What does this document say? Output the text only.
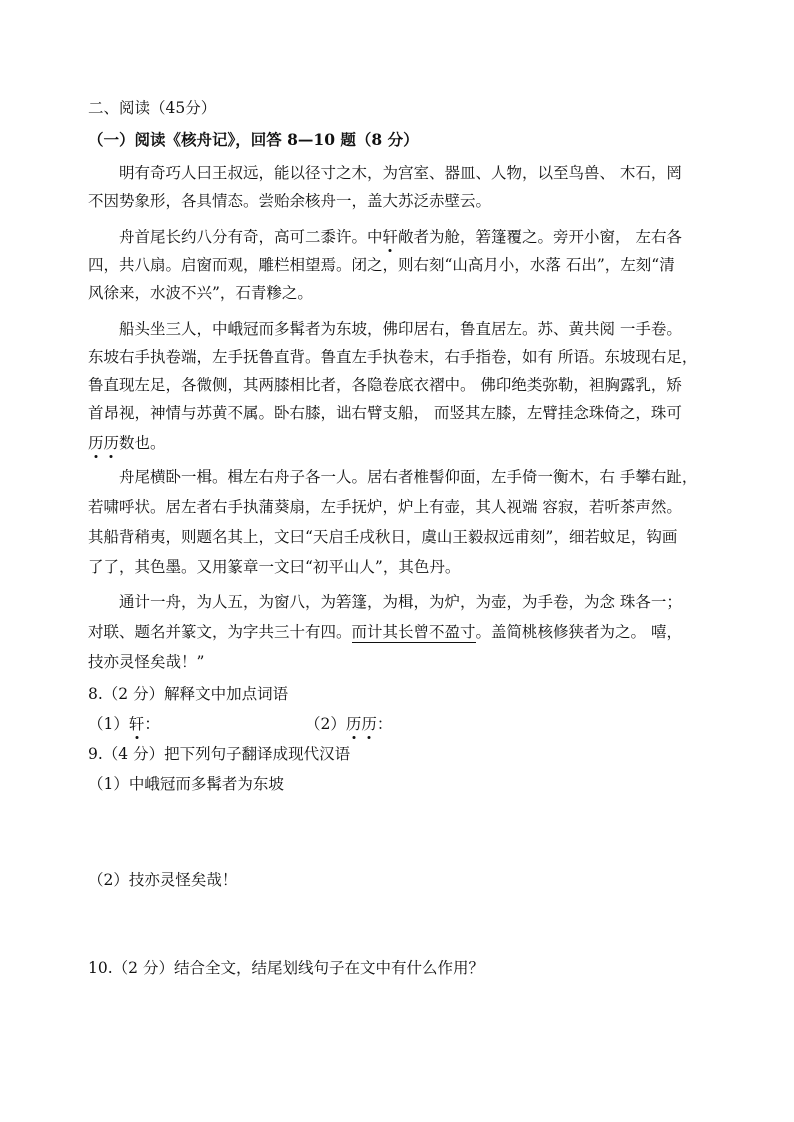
二、阅读（45分）

（一）阅读《核舟记》，回答 8—10 题（8 分）

明有奇巧人曰王叔远，能以径寸之木，为宫室、器皿、人物，以至鸟兽、 木石，罔

不因势象形，各具情态。尝贻余核舟一，盖大苏泛赤壁云。

舟首尾长约八分有奇，高可二黍许。中轩敞者为舱，箬篷覆之。旁开小窗， 左右各

四，共八扇。启窗而观，雕栏相望焉。闭之，则右刻“山高月小，水落 石出”，左刻“清

风徐来，水波不兴”，石青糁之。

船头坐三人，中峨冠而多髯者为东坡，佛印居右，鲁直居左。苏、黄共阅 一手卷。

东坡右手执卷端，左手抚鲁直背。鲁直左手执卷末，右手指卷，如有 所语。东坡现右足，

鲁直现左足，各微侧，其两膝相比者，各隐卷底衣褶中。 佛印绝类弥勒，袒胸露乳，矫

首昂视，神情与苏黄不属。卧右膝，诎右臂支船， 而竖其左膝，左臂挂念珠倚之，珠可

历历数也。

舟尾横卧一楫。楫左右舟子各一人。居右者椎髻仰面，左手倚一衡木，右 手攀右趾，

若啸呼状。居左者右手执蒲葵扇，左手抚炉，炉上有壶，其人视端 容寂，若听茶声然。

其船背稍夷，则题名其上，文曰“天启壬戌秋日，虞山王毅叔远甫刻”，细若蚊足，钩画

了了，其色墨。又用篆章一文曰“初平山人”，其色丹。

通计一舟，为人五，为窗八，为箬篷，为楫，为炉，为壶，为手卷，为念 珠各一；

对联、题名并篆文，为字共三十有四。而计其长曾不盈寸。盖简桃核修狭者为之。 嘻，

技亦灵怪矣哉！”

8.（2 分）解释文中加点词语

（1）轩：	（2）历历：

9.（4 分）把下列句子翻译成现代汉语

（1）中峨冠而多髯者为东坡

（2）技亦灵怪矣哉！

10.（2 分）结合全文，结尾划线句子在文中有什么作用？
